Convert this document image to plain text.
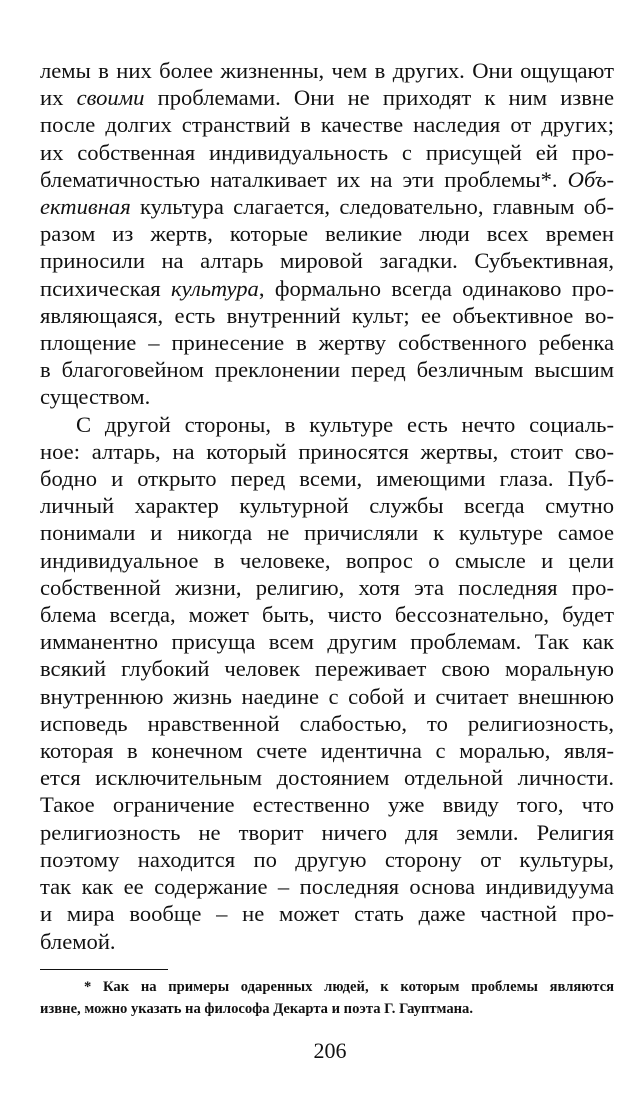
лемы в них более жизненны, чем в других. Они ощущают
их своими проблемами. Они не приходят к ним извне
после долгих странствий в качестве наследия от других;
их собственная индивидуальность с присущей ей про-
блематичностью наталкивает их на эти проблемы*. Объ-
ективная культура слагается, следовательно, главным об-
разом из жертв, которые великие люди всех времен
приносили на алтарь мировой загадки. Субъективная,
психическая культура, формально всегда одинаково про-
являющаяся, есть внутренний культ; ее объективное во-
площение – принесение в жертву собственного ребенка
в благоговейном преклонении перед безличным высшим
существом.

С другой стороны, в культуре есть нечто социаль-
ное: алтарь, на который приносятся жертвы, стоит сво-
бодно и открыто перед всеми, имеющими глаза. Пуб-
личный характер культурной службы всегда смутно
понимали и никогда не причисляли к культуре самое
индивидуальное в человеке, вопрос о смысле и цели
собственной жизни, религию, хотя эта последняя про-
блема всегда, может быть, чисто бессознательно, будет
имманентно присуща всем другим проблемам. Так как
всякий глубокий человек переживает свою моральную
внутреннюю жизнь наедине с собой и считает внешнюю
исповедь нравственной слабостью, то религиозность,
которая в конечном счете идентична с моралью, явля-
ется исключительным достоянием отдельной личности.
Такое ограничение естественно уже ввиду того, что
религиозность не творит ничего для земли. Религия
поэтому находится по другую сторону от культуры,
так как ее содержание – последняя основа индивидуума
и мира вообще – не может стать даже частной про-
блемой.

* Как на примеры одаренных людей, к которым проблемы являются
извне, можно указать на философа Декарта и поэта Г. Гауптмана.
206
